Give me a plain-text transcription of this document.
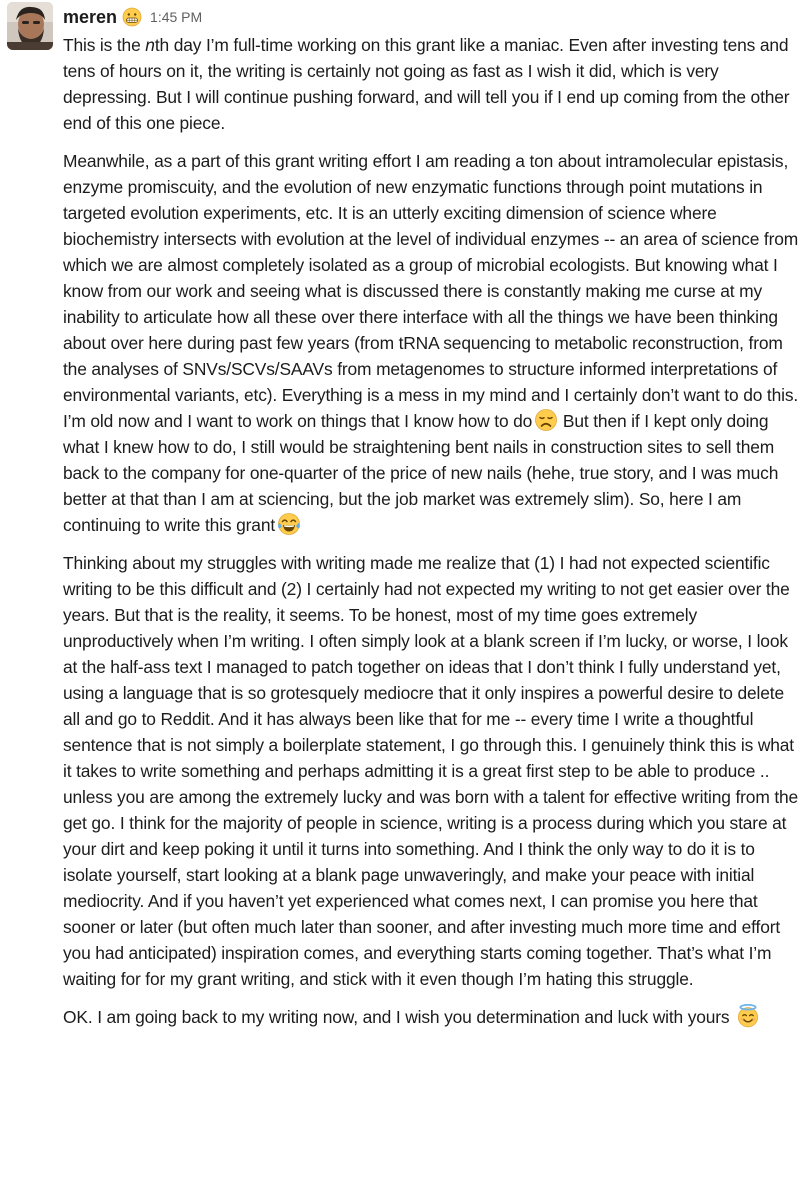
meren 1:45 PM

This is the nth day I’m full-time working on this grant like a maniac. Even after investing tens and tens of hours on it, the writing is certainly not going as fast as I wish it did, which is very depressing. But I will continue pushing forward, and will tell you if I end up coming from the other end of this one piece.

Meanwhile, as a part of this grant writing effort I am reading a ton about intramolecular epistasis, enzyme promiscuity, and the evolution of new enzymatic functions through point mutations in targeted evolution experiments, etc. It is an utterly exciting dimension of science where biochemistry intersects with evolution at the level of individual enzymes -- an area of science from which we are almost completely isolated as a group of microbial ecologists. But knowing what I know from our work and seeing what is discussed there is constantly making me curse at my inability to articulate how all these over there interface with all the things we have been thinking about over here during past few years (from tRNA sequencing to metabolic reconstruction, from the analyses of SNVs/SCVs/SAAVs from metagenomes to structure informed interpretations of environmental variants, etc). Everything is a mess in my mind and I certainly don’t want to do this. I’m old now and I want to work on things that I know how to do
But then if I kept only doing what I knew how to do, I still would be straightening bent nails in construction sites to sell them back to the company for one-quarter of the price of new nails (hehe, true story, and I was much better at that than I am at sciencing, but the job market was extremely slim). So, here I am continuing to write this grant

Thinking about my struggles with writing made me realize that (1) I had not expected scientific writing to be this difficult and (2) I certainly had not expected my writing to not get easier over the years. But that is the reality, it seems. To be honest, most of my time goes extremely unproductively when I’m writing. I often simply look at a blank screen if I’m lucky, or worse, I look at the half-ass text I managed to patch together on ideas that I don’t think I fully understand yet, using a language that is so grotesquely mediocre that it only inspires a powerful desire to delete all and go to Reddit. And it has always been like that for me -- every time I write a thoughtful sentence that is not simply a boilerplate statement, I go through this. I genuinely think this is what it takes to write something and perhaps admitting it is a great first step to be able to produce .. unless you are among the extremely lucky and was born with a talent for effective writing from the get go. I think for the majority of people in science, writing is a process during which you stare at your dirt and keep poking it until it turns into something. And I think the only way to do it is to isolate yourself, start looking at a blank page unwaveringly, and make your peace with initial mediocrity. And if you haven’t yet experienced what comes next, I can promise you here that sooner or later (but often much later than sooner, and after investing much more time and effort you had anticipated) inspiration comes, and everything starts coming together. That’s what I’m waiting for for my grant writing, and stick with it even though I’m hating this struggle.

OK. I am going back to my writing now, and I wish you determination and luck with yours
